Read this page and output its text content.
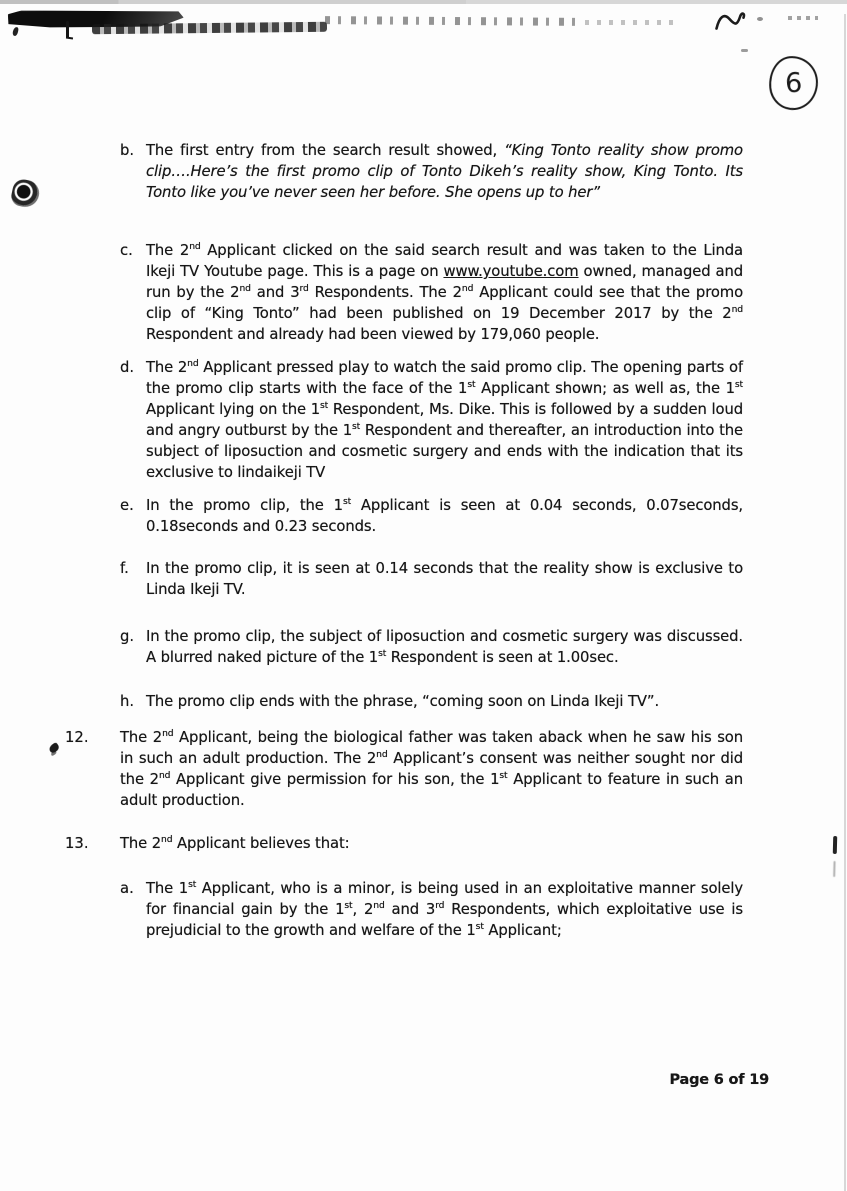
6
b. The first entry from the search result showed, “King Tonto reality show promo clip….Here’s the first promo clip of Tonto Dikeh’s reality show, King Tonto. Its Tonto like you’ve never seen her before. She opens up to her”

c. The 2nd Applicant clicked on the said search result and was taken to the Linda Ikeji TV Youtube page. This is a page on www.youtube.com owned, managed and run by the 2nd and 3rd Respondents. The 2nd Applicant could see that the promo clip of “King Tonto” had been published on 19 December 2017 by the 2nd Respondent and already had been viewed by 179,060 people.

d. The 2nd Applicant pressed play to watch the said promo clip. The opening parts of the promo clip starts with the face of the 1st Applicant shown; as well as, the 1st Applicant lying on the 1st Respondent, Ms. Dike. This is followed by a sudden loud and angry outburst by the 1st Respondent and thereafter, an introduction into the subject of liposuction and cosmetic surgery and ends with the indication that its exclusive to lindaikeji TV

e. In the promo clip, the 1st Applicant is seen at 0.04 seconds, 0.07seconds, 0.18seconds and 0.23 seconds.

f.	In the promo clip, it is seen at 0.14 seconds that the reality show is exclusive to Linda Ikeji TV.

g. In the promo clip, the subject of liposuction and cosmetic surgery was discussed. A blurred naked picture of the 1st Respondent is seen at 1.00sec.

h. The promo clip ends with the phrase, “coming soon on Linda Ikeji TV”.

12.	The 2nd Applicant, being the biological father was taken aback when he saw his son in such an adult production. The 2nd Applicant’s consent was neither sought nor did the 2nd Applicant give permission for his son, the 1st Applicant to feature in such an adult production.

13.	The 2nd Applicant believes that:

a. The 1st Applicant, who is a minor, is being used in an exploitative manner solely for financial gain by the 1st, 2nd and 3rd Respondents, which exploitative use is prejudicial to the growth and welfare of the 1st Applicant;

Page 6 of 19
